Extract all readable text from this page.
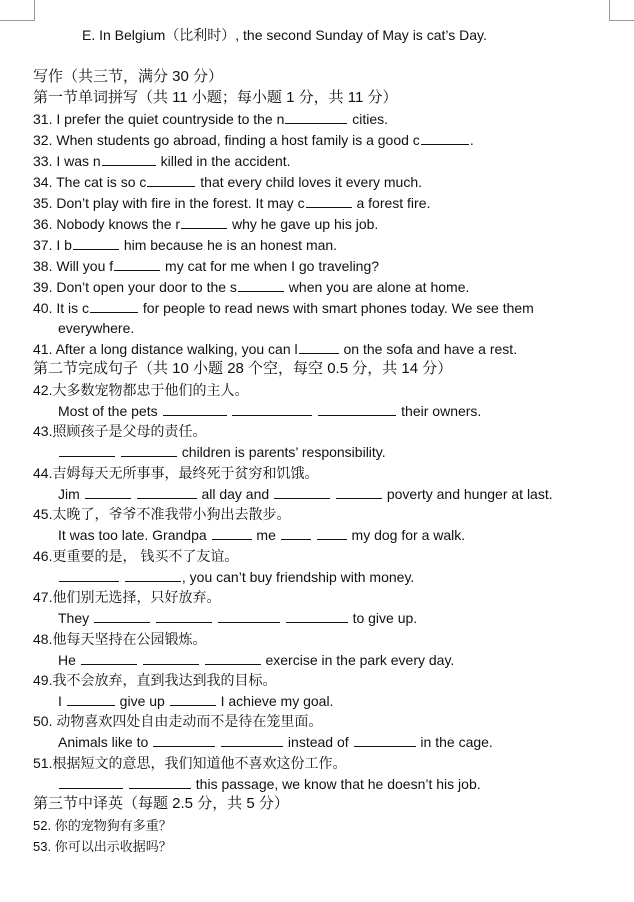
E. In Belgium（比利时）, the second Sunday of May is cat’s Day.
写作（共三节，满分 30 分）
第一节单词拼写（共 11 小题；每小题 1 分，共 11 分）
31. I prefer the quiet countryside to the n	cities.
32. When students go abroad, finding a host family is a good c	.
33. I was n	killed in the accident.
34. The cat is so c	that every child loves it every much.
35. Don’t play with fire in the forest. It may c	a forest fire.
36. Nobody knows the r	why he gave up his job.
37. I b	him because he is an honest man.
38. Will you f	my cat for me when I go traveling?
39. Don’t open your door to the s	when you are alone at home.
40. It is c	for people to read news with smart phones today. We see them
everywhere.
41. After a long distance walking, you can l	on the sofa and have a rest.
第二节完成句子（共 10 小题 28 个空，每空 0.5 分，共 14 分）
42.大多数宠物都忠于他们的主人。
Most of the pets	their owners.
43.照顾孩子是父母的责任。
children is parents’ responsibility.
44.吉姆每天无所事事，最终死于贫穷和饥饿。
Jim	all day and	poverty and hunger at last.
45.太晚了，爷爷不准我带小狗出去散步。
It was too late. Grandpa	me	my dog for a walk.
46.更重要的是， 钱买不了友谊。
, you can’t buy friendship with money.
47.他们别无选择，只好放弃。
They	to give up.
48.他每天坚持在公园锻炼。
He	exercise in the park every day.
49.我不会放弃，直到我达到我的目标。
I	give up	I achieve my goal.
50. 动物喜欢四处自由走动而不是待在笼里面。
Animals like to	instead of	in the cage.
51.根据短文的意思，我们知道他不喜欢这份工作。
this passage, we know that he doesn’t his job.
第三节中译英（每题 2.5 分，共 5 分）
52. 你的宠物狗有多重？
53. 你可以出示收据吗？
